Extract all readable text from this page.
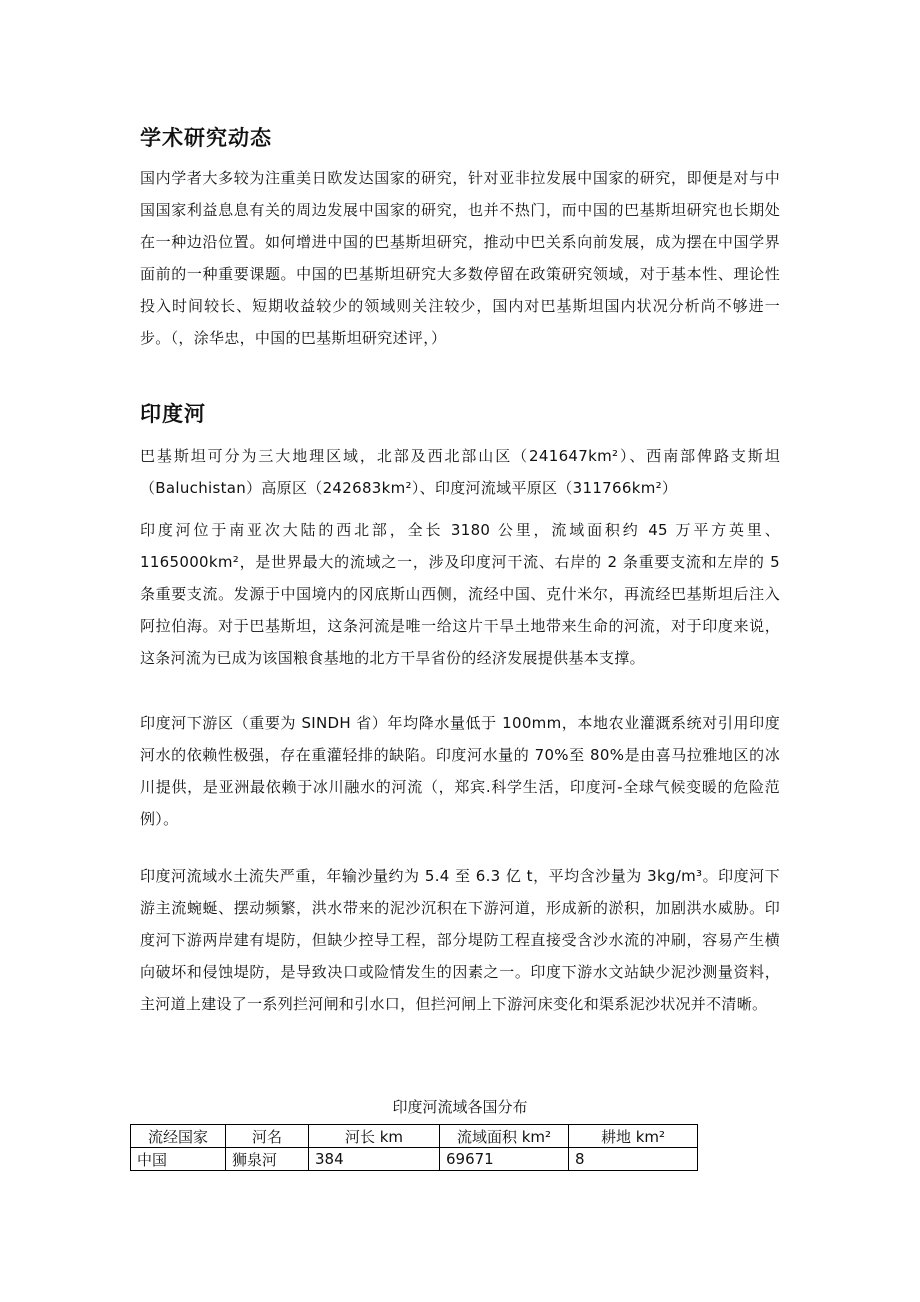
学术研究动态

国内学者大多较为注重美日欧发达国家的研究，针对亚非拉发展中国家的研究，即便是对与中国国家利益息息有关的周边发展中国家的研究，也并不热门，而中国的巴基斯坦研究也长期处在一种边沿位置。如何增进中国的巴基斯坦研究，推动中巴关系向前发展，成为摆在中国学界面前的一种重要课题。中国的巴基斯坦研究大多数停留在政策研究领域，对于基本性、理论性投入时间较长、短期收益较少的领域则关注较少，国内对巴基斯坦国内状况分析尚不够进一步。（，涂华忠，中国的巴基斯坦研究述评，）

印度河

巴基斯坦可分为三大地理区域，北部及西北部山区（241647km²）、西南部俾路支斯坦（Baluchistan）高原区（242683km²）、印度河流域平原区（311766km²）

印度河位于南亚次大陆的西北部，全长 3180 公里，流域面积约 45 万平方英里、1165000km²，是世界最大的流域之一，涉及印度河干流、右岸的 2 条重要支流和左岸的 5 条重要支流。发源于中国境内的冈底斯山西侧，流经中国、克什米尔，再流经巴基斯坦后注入阿拉伯海。对于巴基斯坦，这条河流是唯一给这片干旱土地带来生命的河流，对于印度来说，这条河流为已成为该国粮食基地的北方干旱省份的经济发展提供基本支撑。

印度河下游区（重要为 SINDH 省）年均降水量低于 100mm，本地农业灌溉系统对引用印度河水的依赖性极强，存在重灌轻排的缺陷。印度河水量的 70%至 80%是由喜马拉雅地区的冰川提供，是亚洲最依赖于冰川融水的河流（，郑宾.科学生活，印度河-全球气候变暖的危险范例）。

印度河流域水土流失严重，年输沙量约为 5.4 至 6.3 亿 t，平均含沙量为 3kg/m³。印度河下游主流蜿蜒、摆动频繁，洪水带来的泥沙沉积在下游河道，形成新的淤积，加剧洪水威胁。印度河下游两岸建有堤防，但缺少控导工程，部分堤防工程直接受含沙水流的冲刷，容易产生横向破坏和侵蚀堤防，是导致决口或险情发生的因素之一。印度下游水文站缺少泥沙测量资料，主河道上建设了一系列拦河闸和引水口，但拦河闸上下游河床变化和渠系泥沙状况并不清晰。

印度河流域各国分布
流经国家	河名	河长 km	流域面积 km²	耕地 km²
中国	狮泉河	384	69671	8
